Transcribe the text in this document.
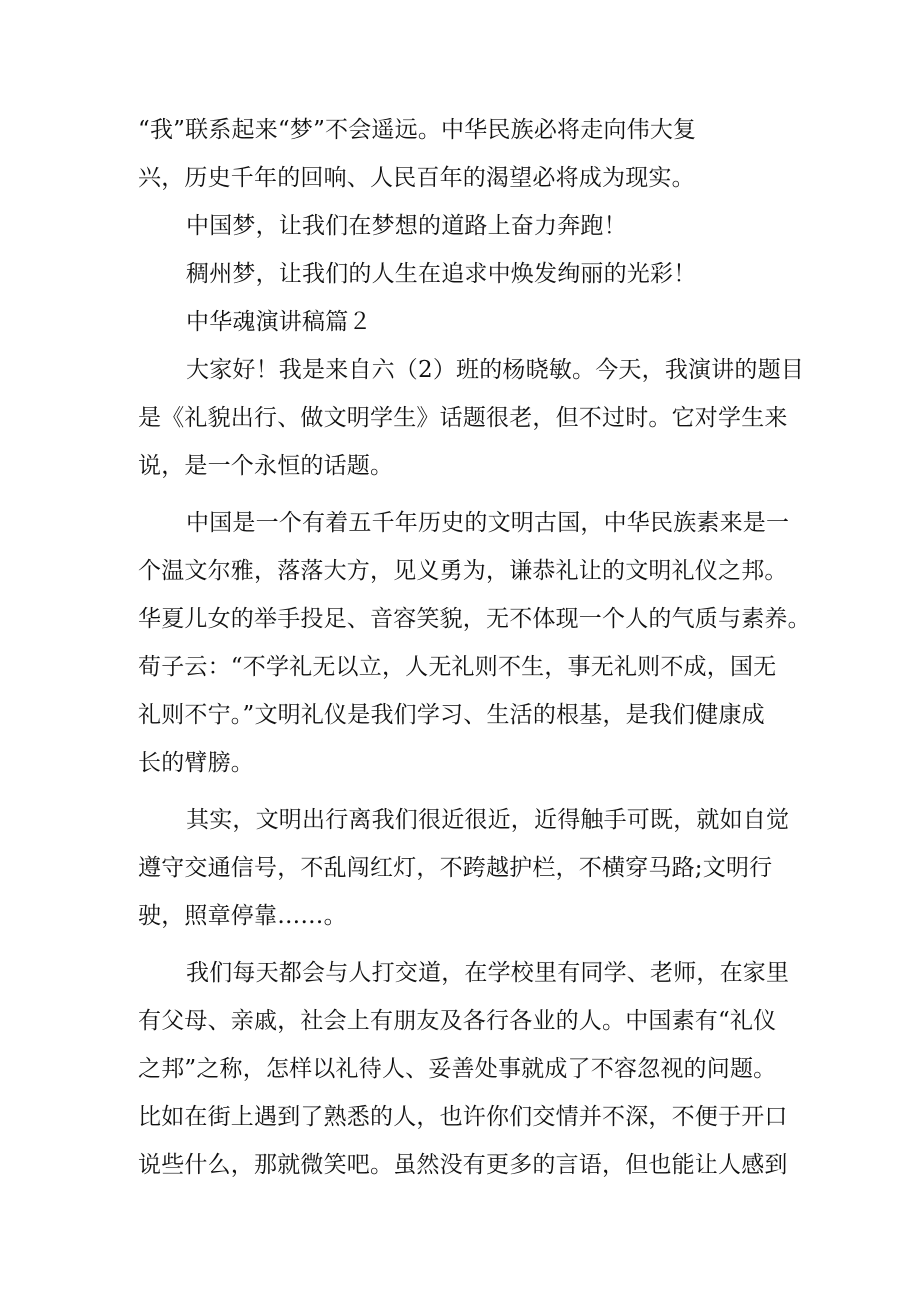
“我”联系起来“梦”不会遥远。中华民族必将走向伟大复
兴，历史千年的回响、人民百年的渴望必将成为现实。
中国梦，让我们在梦想的道路上奋力奔跑！
稠州梦，让我们的人生在追求中焕发绚丽的光彩！
中华魂演讲稿篇２
大家好！我是来自六（2）班的杨晓敏。今天，我演讲的题目
是《礼貌出行、做文明学生》话题很老，但不过时。它对学生来
说，是一个永恒的话题。
中国是一个有着五千年历史的文明古国，中华民族素来是一
个温文尔雅，落落大方，见义勇为，谦恭礼让的文明礼仪之邦。
华夏儿女的举手投足、音容笑貌，无不体现一个人的气质与素养。
荀子云：“不学礼无以立，人无礼则不生，事无礼则不成，国无
礼则不宁。”文明礼仪是我们学习、生活的根基，是我们健康成
长的臂膀。
其实，文明出行离我们很近很近，近得触手可既，就如自觉
遵守交通信号，不乱闯红灯，不跨越护栏，不横穿马路;文明行
驶，照章停靠……。
我们每天都会与人打交道，在学校里有同学、老师，在家里
有父母、亲戚，社会上有朋友及各行各业的人。中国素有“礼仪
之邦”之称，怎样以礼待人、妥善处事就成了不容忽视的问题。
比如在街上遇到了熟悉的人，也许你们交情并不深，不便于开口
说些什么，那就微笑吧。虽然没有更多的言语，但也能让人感到
